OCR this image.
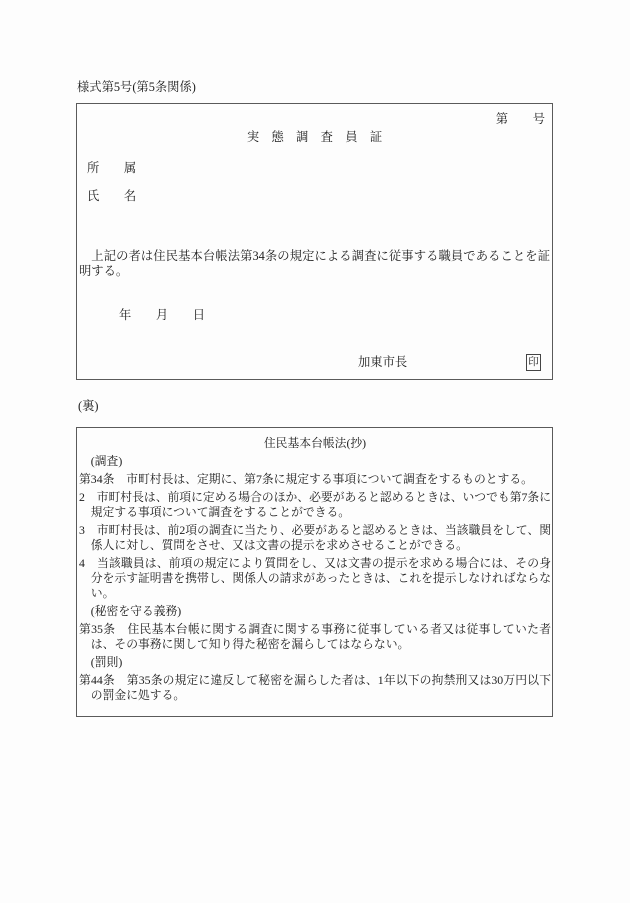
様式第5号(第5条関係)
第　　号
実　態　調　査　員　証
所　　属
氏　　名
上記の者は住民基本台帳法第34条の規定による調査に従事する職員であることを証明する。
年　　月　　日
加東市長	印
(裏)
住民基本台帳法(抄)
(調査)
第34条　市町村長は、定期に、第7条に規定する事項について調査をするものとする。
2　市町村長は、前項に定める場合のほか、必要があると認めるときは、いつでも第7条に規定する事項について調査をすることができる。
3　市町村長は、前2項の調査に当たり、必要があると認めるときは、当該職員をして、関係人に対し、質問をさせ、又は文書の提示を求めさせることができる。
4　当該職員は、前項の規定により質問をし、又は文書の提示を求める場合には、その身分を示す証明書を携帯し、関係人の請求があったときは、これを提示しなければならない。
(秘密を守る義務)
第35条　住民基本台帳に関する調査に関する事務に従事している者又は従事していた者は、その事務に関して知り得た秘密を漏らしてはならない。
(罰則)
第44条　第35条の規定に違反して秘密を漏らした者は、1年以下の拘禁刑又は30万円以下の罰金に処する。
